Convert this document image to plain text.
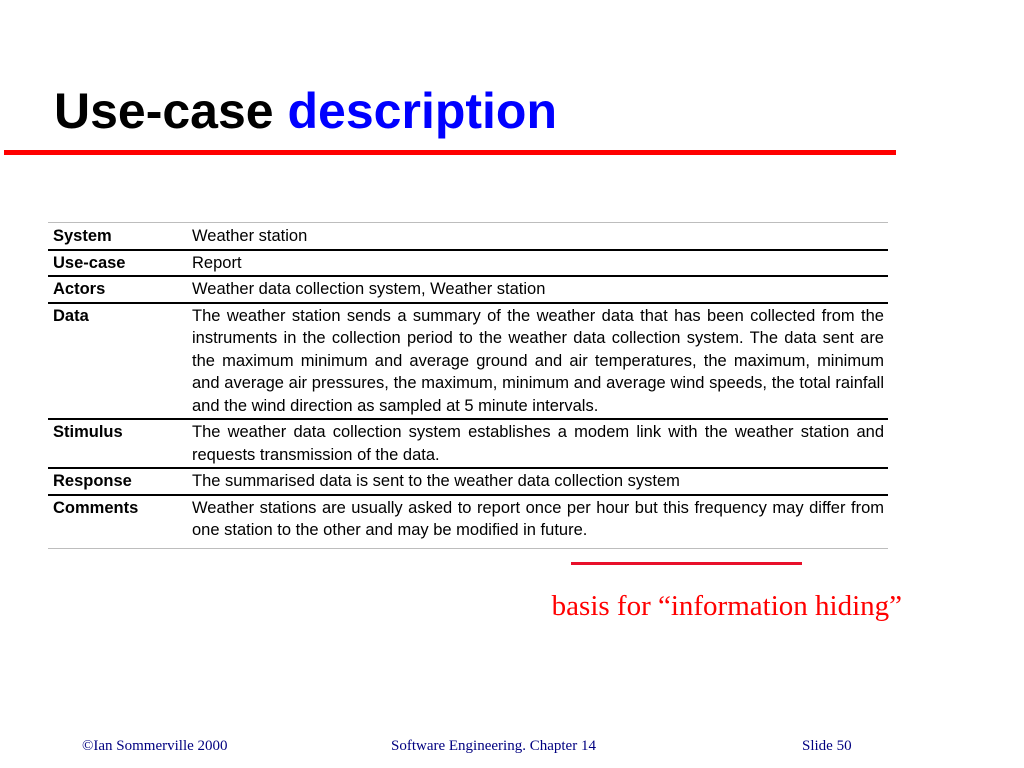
Use-case description
System	Weather station
Use-case	Report
Actors	Weather data collection system, Weather station
Data	The weather station sends a summary of the weather data that has been collected from the instruments in the collection period to the weather data collection system. The data sent are the maximum minimum and average ground and air temperatures, the maximum, minimum and average air pressures, the maximum, minimum and average wind speeds, the total rainfall and the wind direction as sampled at 5 minute intervals.
Stimulus	The weather data collection system establishes a modem link with the weather station and requests transmission of the data.
Response	The summarised data is sent to the weather data collection system
Comments	Weather stations are usually asked to report once per hour but this frequency may differ from one station to the other and may be modified in future.
basis for “information hiding”
©Ian Sommerville 2000	Software Engineering. Chapter 14	Slide 50
